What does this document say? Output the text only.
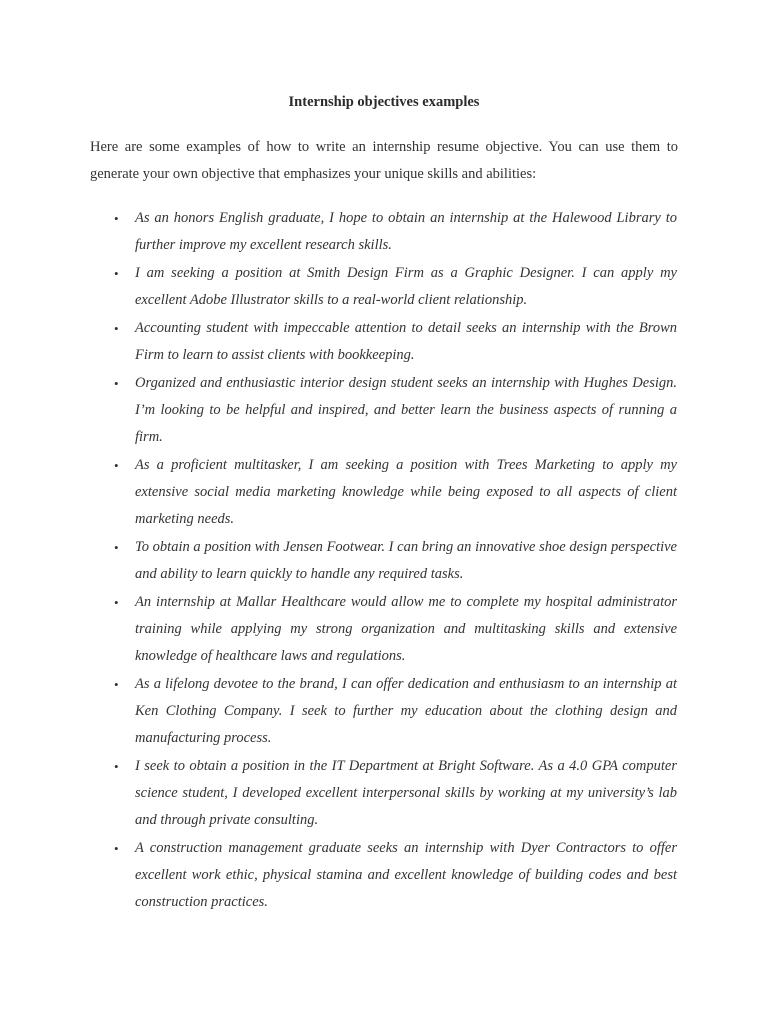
Internship objectives examples
Here are some examples of how to write an internship resume objective. You can use them to generate your own objective that emphasizes your unique skills and abilities:
•	As an honors English graduate, I hope to obtain an internship at the Halewood Library to further improve my excellent research skills.
•	I am seeking a position at Smith Design Firm as a Graphic Designer. I can apply my excellent Adobe Illustrator skills to a real-world client relationship.
•	Accounting student with impeccable attention to detail seeks an internship with the Brown Firm to learn to assist clients with bookkeeping.
•	Organized and enthusiastic interior design student seeks an internship with Hughes Design. I’m looking to be helpful and inspired, and better learn the business aspects of running a firm.
•	As a proficient multitasker, I am seeking a position with Trees Marketing to apply my extensive social media marketing knowledge while being exposed to all aspects of client marketing needs.
•	To obtain a position with Jensen Footwear. I can bring an innovative shoe design perspective and ability to learn quickly to handle any required tasks.
•	An internship at Mallar Healthcare would allow me to complete my hospital administrator training while applying my strong organization and multitasking skills and extensive knowledge of healthcare laws and regulations.
•	As a lifelong devotee to the brand, I can offer dedication and enthusiasm to an internship at Ken Clothing Company. I seek to further my education about the clothing design and manufacturing process.
•	I seek to obtain a position in the IT Department at Bright Software. As a 4.0 GPA computer science student, I developed excellent interpersonal skills by working at my university’s lab and through private consulting.
•	A construction management graduate seeks an internship with Dyer Contractors to offer excellent work ethic, physical stamina and excellent knowledge of building codes and best construction practices.
